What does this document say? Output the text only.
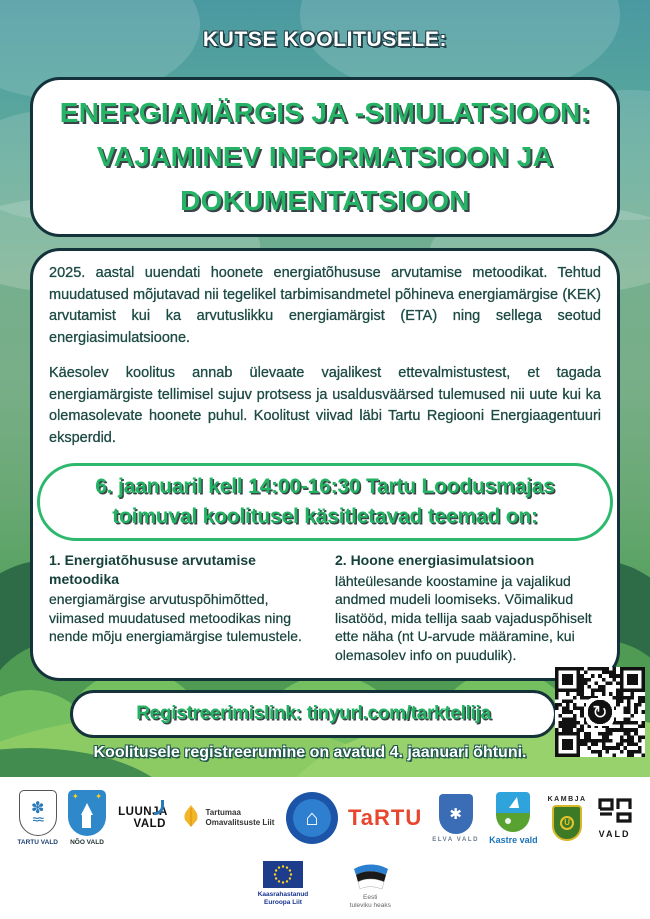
KUTSE KOOLITUSELE:
ENERGIAMÄRGIS JA -SIMULATSIOON:
VAJAMINEV INFORMATSIOON JA
DOKUMENTATSIOON

2025. aastal uuendati hoonete energiatõhususe arvutamise metoodikat. Tehtud muudatused mõjutavad nii tegelikel tarbimisandmetel põhineva energiamärgise (KEK) arvutamist kui ka arvutuslikku energiamärgist (ETA) ning sellega seotud energiasimulatsioone.

Käesolev koolitus annab ülevaate vajalikest ettevalmistustest, et tagada energiamärgiste tellimisel sujuv protsess ja usaldusväärsed tulemused nii uute kui ka olemasolevate hoonete puhul. Koolitust viivad läbi Tartu Regiooni Energiaagentuuri eksperdid.

6. jaanuaril kell 14:00-16:30 Tartu Loodusmajas
toimuval koolitusel käsitletavad teemad on:
1. Energiatõhususe arvutamise metoodika
energiamärgise arvutuspõhimõtted, viimased muudatused metoodikas ning nende mõju energiamärgise tulemustele.
2. Hoone energiasimulatsioon
lähteülesande koostamine ja vajalikud andmed mudeli loomiseks. Võimalikud lisatööd, mida tellija saab vajaduspõhiselt ette näha (nt U-arvude määramine, kui olemasolev info on puudulik).
Registreerimislink: tinyurl.com/tarktellija
Koolitusele registreerumine on avatud 4. jaanuari õhtuni.
↻
✽
≈≈
TARTU VALD
✦ ✦
NÕO VALD
LUUNJA
VALD
Tartumaa
Omavalitsuste Liit ⌂ TaRTU ✱
ELVA VALD Kastre vald
KAMBJA
U
VALD
Kaasrahastanud
Euroopa Liit
Eesti
tuleviku heaks
